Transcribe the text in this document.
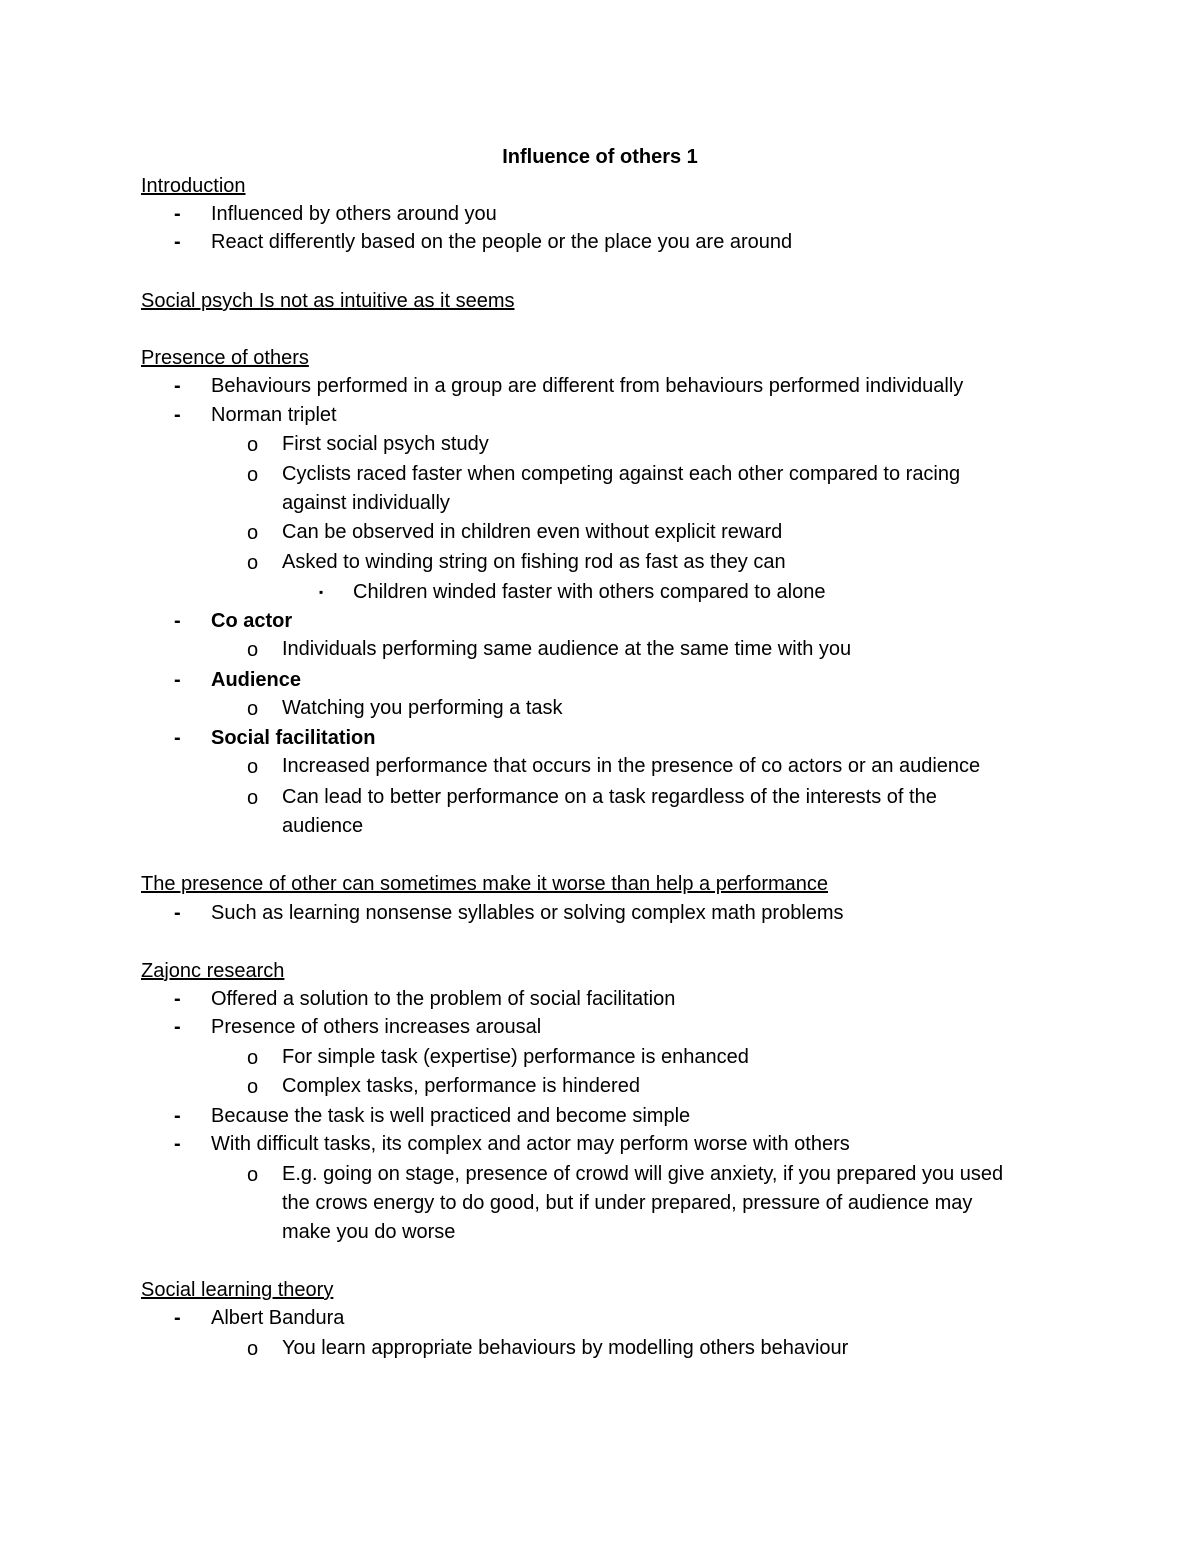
Influence of others 1
Introduction
- Influenced by others around you
- React differently based on the people or the place you are around
Social psych Is not as intuitive as it seems
Presence of others
- Behaviours performed in a group are different from behaviours performed individually
- Norman triplet
o First social psych study
o Cyclists raced faster when competing against each other compared to racing
against individually
o Can be observed in children even without explicit reward
o Asked to winding string on fishing rod as fast as they can
▪ Children winded faster with others compared to alone
- Co actor
o Individuals performing same audience at the same time with you
- Audience
o Watching you performing a task
- Social facilitation
o Increased performance that occurs in the presence of co actors or an audience
o Can lead to better performance on a task regardless of the interests of the
audience
The presence of other can sometimes make it worse than help a performance
- Such as learning nonsense syllables or solving complex math problems
Zajonc research
- Offered a solution to the problem of social facilitation
- Presence of others increases arousal
o For simple task (expertise) performance is enhanced
o Complex tasks, performance is hindered
- Because the task is well practiced and become simple
- With difficult tasks, its complex and actor may perform worse with others
o E.g. going on stage, presence of crowd will give anxiety, if you prepared you used
the crows energy to do good, but if under prepared, pressure of audience may
make you do worse
Social learning theory
- Albert Bandura
o You learn appropriate behaviours by modelling others behaviour
